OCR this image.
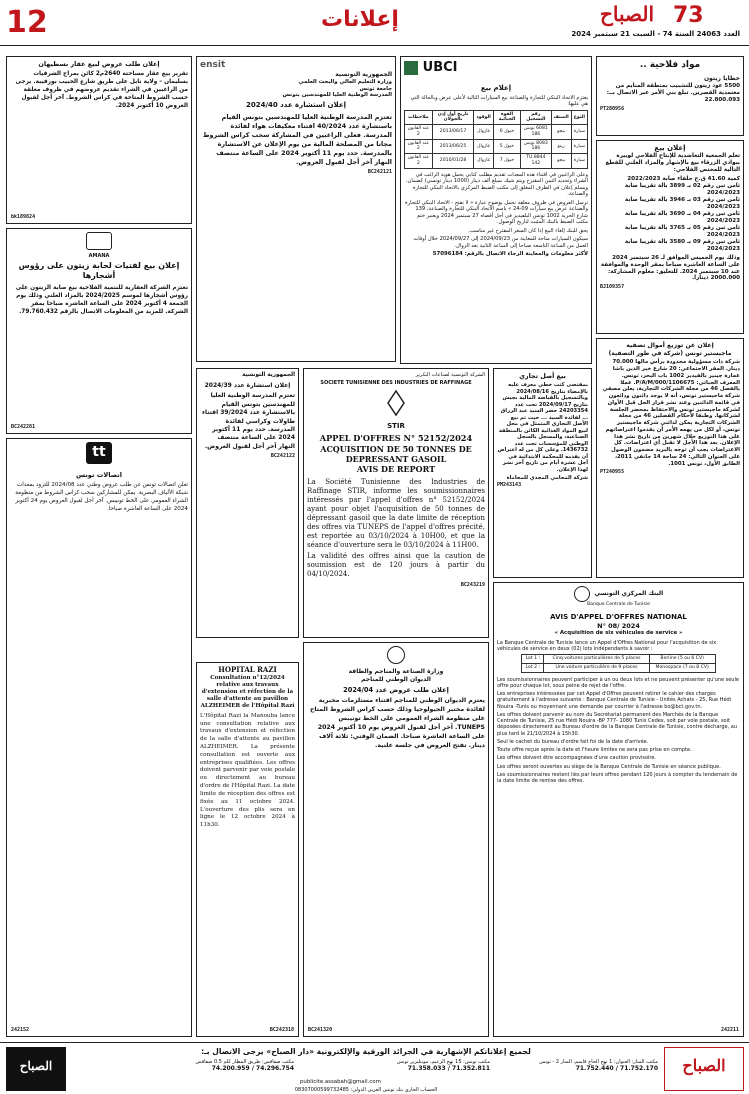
12	إعلانات	73
الصباح
العدد 24063 السنة 74 - السبت 21 سبتمبر 2024
مواد فلاحية ..
خطايا زيتون
5500 عود زيتون للتشبيب بمنطقة المنايم من معتمدية القصرين. تبلغ بني الأمر عبر الاتصال بــ: 22.800.093
PT280956
إعلان بيع
تعلم الجمعية التعاضدية للإنتاج الفلاحي لوبيرة ببوادي الزرقاء بيع بالإشهار والمزاد العلني للقطع التالية للمختص الفلاحي:
كمية 41.60 ق.ج حلفاء صابة 2022/2023
ثامن تبن رقم 02 بـ 3899 بالة تقريبا صابة 2024/2023
ثامن تبن رقم 03 بـ 3946 بالة تقريبا صابة 2024/2023
ثامن تبن رقم 04 بـ 3690 بالة تقريبا صابة 2024/2023
ثامن تبن رقم 05 بـ 3765 بالة تقريبا صابة 2024/2023
ثامن تبن رقم 09 بـ 3580 بالة تقريبا صابة 2024/2023
وذلك يوم الخميس الموافق لـ 26 سبتمبر 2024 على الساعة العاشرة صباحا بمقر الوحدة والموافقة عند 10 سبتمبر 2024. للتعليق: معلوم المشاركة: 2000.000 دينارا.
BJ109357
إعلان عن توزيع أموال تصفية
ماجيستير تونس (شركة في طور التصفية)
شركة ذات مسؤولية محدودة برأس مالها 70.000 دينار. المقر الاجتماعي: 20 شارع خير الدين باشا عمارة جينير بالفيدير 1002 باب البحر، تونس. المعرف الجبائي: 1106675/P/A/M/000. عملا بالفصل 46 من مجلة الشركات التجارية، يعلن مصفي شركة ماجيستير تونس، أنه لا يوجد دائنون ودائعون في قائمة الدائنين وعند نشر قرار الحل قبل الأوان لشركة ماجيستير تونس والاحتفاظ بمحضر الجلسة لشركاتها. وطبقا لأحكام الفصلين 46 من مجلة الشركات التجارية يمكن لدائني شركة ماجيستير تونس، أو لكل من يهمه الأمر أن يقدموا اعتراضاتهم على هذا التوزيع خلال شهرين من تاريخ نشر هذا الإعلان. بعد هذا الأجل لا تقبل أي اعتراضات. كل الاعتراضات يجب أن توجه بالبريد مضمون الوصول على العنوان التالي: 24 ساحة 14 جانفي 2011، الطابق الأول، تونس 1001.
PT240955
UBCI
إعلام بيع
يعتزم الاتحاد البنكي للتجارة والصناعة بيع السيارات التالية لأعلى عرض وبالحالة التي هي عليها:
النوع	الصنف	رقم التسجيل	القوة الجبائية	الوقود	تاريخ أول إذن بالجولان	ملاحظات
سيارة	بيجو	6081 تونس 186	خيول 6	غازوال	2013/06/17	عند القانون 2
سيارة	رينو	8083 تونس 186	خيول 5	غازوال	2013/06/25	عند القانون 2
سيارة	بيجو	8844 TU 142	خيول 7	غازوال	2010/01/28	عند القانون 2
وعلى الراغبين في اقتناء هذه المعدات تقديم مطلب كتابي يحمل هوية الراغب في الشراء وتحديد الثمن المقترح ويتم شيك بمبلغ ألف دينار (1000 دينار تونسي) كضمان، ويسلم إعلان في الظرف المغلق إلى مكتب الضبط المركزي بالاتحاد البنكي للتجارة والصناعة.
ترسل العروض في ظروف مغلقة تحمل بوضوح عبارة « لا تفتح - الاتحاد البنكي للتجارة والصناعة عرض بيع سيارات 09-24 » باسم الاتحاد البنكي للتجارة والصناعة، 139 شارع الحرية 1002 تونس البلفيدير في أجل أقصاه 27 سبتمبر 2024 ويعتبر ختم مكتب الضبط بالبنك المثبت لتاريخ الوصول.
يحق للبنك إلغاء البيع إذا كان السعر المقترح غير مناسب.
سيكون السيارات متاحة للمعاينة من 2024/09/23 إلى 2024/09/27 خلال أوقات العمل من الساعة التاسعة صباحا إلى الساعة الثانية بعد الزوال.
لأكثر معلومات والمعاينة الرجاء الاتصال بالرقم: 57096184
بيع أصل تجاري
بمقتضى كتب خطي معرف عليه بالإمضاء بتاريخ 2024/08/16 وبالتسجيل بالقباضة المالية بجيش بتاريخ 2024/09/17 تحت عدد 24203354 حضر السيد عبد الرزاق ... لفائدة السيد ... حيث تم بيع الأصل التجاري المتمثل في محل لبيع المواد الغذائية الكائن بالمنطقة الصناعية، والمسجل بالسجل الوطني للمؤسسات تحت عدد 1436732. وعلى كل من له اعتراض أن يقدمه للمحكمة الابتدائية في أجل عشرة أيام من تاريخ آخر نشر لهذا الإعلان.
شركة المحامي المجدي للمحاماة
PM243143
الشركة التونسية لصناعات التكرير
SOCIETE TUNISIENNE DES INDUSTRIES DE RAFFINAGE
STIR
APPEL D'OFFRES N° 52152/2024
ACQUISITION DE 50 TONNES DE DEPRESSANT GASOIL
AVIS DE REPORT
La Société Tunisienne des Industries de Raffinage STIR, informe les soumissionnaires intéressés par l'appel d'offres n° 52152/2024 ayant pour objet l'acquisition de 50 tonnes de dépressant gasoil que la date limite de réception des offres via TUNEPS de l'appel d'offres précité, est reportée au 03/10/2024 à 10H00, et que la séance d'ouverture sera le 03/10/2024 à 11H00.
La validité des offres ainsi que la caution de soumission est de 120 jours à partir du 04/10/2024.
BC243219
البنك المركزي التونسي
Banque Centrale de Tunisie
AVIS D'APPEL D'OFFRES NATIONAL
N° 08/ 2024
« Acquisition de six véhicules de service »
La Banque Centrale de Tunisie lance un Appel d'Offres National pour l'acquisition de six véhicules de service en deux (02) lots indépendants à savoir :
Lot 1 :	Cinq voitures particulières de 5 places	Berline (5 ou 6 CV)
Lot 2 :	Une voiture particulière de 9 places	Monospace (7 ou 8 CV)
Les soumissionnaires peuvent participer à un ou deux lots et ne peuvent présenter qu'une seule offre pour chaque lot, sous peine de rejet de l'offre.
Les entreprises intéressées par cet Appel d'Offres peuvent retirer le cahier des charges gratuitement à l'adresse suivante : Banque Centrale de Tunisie - Unités Achats - 25, Rue Hédi Nouira -Tunis ou moyennant une demande par courrier à l'adresse bo@bct.gov.tn.
Les offres doivent parvenir au nom du Secrétariat permanent des Marchés de la Banque Centrale de Tunisie, 25 rue Hédi Nouira -BP 777- 1080 Tunis Cedex, soit par voie postale, soit déposées directement au Bureau d'ordre de la Banque Centrale de Tunisie, contre décharge, au plus tard le 21/10/2024 à 15h30.
Seul le cachet du bureau d'ordre fait foi de la date d'arrivée.
Toute offre reçue après la date et l'heure limites ne sera pas prise en compte.
Les offres doivent être accompagnées d'une caution provisoire.
Les offres seront ouvertes au siège de la Banque Centrale de Tunisie en séance publique.
Les soumissionnaires restent liés par leurs offres pendant 120 jours à compter du lendemain de la date limite de remise des offres.
242211
ensit
الجمهورية التونسية
وزارة التعليم العالي والبحث العلمي
جامعة تونس
المدرسة الوطنية العليا للمهندسين بتونس
إعلان استشارة عدد 2024/40
تعتزم المدرسة الوطنية العليا للمهندسين بتونس القيام باستشارة عدد 40/2024 اقتناء معكيفات هواء لفائدة المدرسة. فعلى الراغبين في المشاركة سحب كراس الشروط مجانا من المصلحة المالية من يوم الإعلان عن الاستشارة بالمدرسة. حدد يوم 11 أكتوبر 2024 على الساعة منتصف النهار آخر أجل لقبول العروض.
BC242121
الجمهورية التونسية
إعلان استشارة عدد 2024/39
تعتزم المدرسة الوطنية العليا للمهندسين بتونس القيام بالاستشارة عدد 39/2024 اقتناء طاولات وكراسي لفائدة المدرسة. حدد يوم 11 أكتوبر 2024 على الساعة منتصف النهار آخر أجل لقبول العروض.
BC242122
وزارة الصناعة والمناجم والطاقة
الديوان الوطني للمناجم
إعلان طلب عروض عدد 2024/04
يعتزم الديوان الوطني للمناجم اقتناء مستلزمات مخبرية لفائدة مختبر الجيولوجيا وذلك حسب كراس الشروط المتاح على منظومة الشراء العمومي على الخط تونيبس TUNEPS. آخر أجل لقبول العروض يوم 10 أكتوبر 2024 على الساعة العاشرة صباحا. الضمان الوقتي: ثلاثة آلاف دينار. تفتح العروض في جلسة علنية.
BC241320
HOPITAL RAZI
Consultation n°12/2024 relative aux travaux d'extension et réfection de la salle d'attente au pavillon ALZHEIMER de l'Hôpital Razi
L'Hôpital Razi la Manouba lance une consultation relative aux travaux d'extension et réfection de la salle d'attente au pavillon ALZHEIMER. La présente consultation est ouverte aux entreprises qualifiées. Les offres doivent parvenir par voie postale ou directement au bureau d'ordre de l'Hôpital Razi. La date limite de réception des offres est fixée au 11 octobre 2024. L'ouverture des plis sera en ligne le 12 octobre 2024 à 11h30.
BC242318
إعلان طلب عروض لبيع عقار بسطيهان
تقرير بيع عقار مساحته 2640م2 كائن بمراج الشرقيات بسليمان – ولاية نابل على طريق شارع الحبيب بورقيبة. يرجى من الراغبين في الشراء تقديم عروضهم في ظروف مغلقة حسب الشروط المتاحة في كراس الشروط. آخر أجل لقبول العروض 10 أكتوبر 2024.
bk189824
AMANA
إعلان بيع لفتيات لحابة زيتون على رؤوس أشجارها
تعتزم الشركة العقارية للتنمية الفلاحية بيع صابة الزيتون على رؤوس أشجارها لموسم 2024/2025 بالمزاد العلني وذلك يوم الجمعة 4 أكتوبر 2024 على الساعة العاشرة صباحا بمقر الشركة. للمزيد من المعلومات الاتصال بالرقم 79.760.432.
BC242281
tt
اتصالات تونس
تعلن اتصالات تونس عن طلب عروض وطني عدد 2024/08 للتزود بمعدات شبكة الألياف البصرية. يمكن للمشاركين سحب كراس الشروط من منظومة الشراء العمومي على الخط تونيبس. آخر أجل لقبول العروض يوم 24 أكتوبر 2024 على الساعة العاشرة صباحا.
242152
الصباح
الصباح
لجميع إعلاناتكم الإشهارية في الجرائد الورقية والإلكترونية «دار الصباح» يرجى الاتصال بـ:
مكتب المنار: العنوان: 1 نهج الحاج قاسم، المنار 2 - تونس
71.752.170 / 71.752.440
مكتب تونس: 15 نهج الزعيم، مونبليزير تونس
71.352.811 / 71.358.033
مكتب صفاقس: طريق المطار كلم 0.5 صفاقس
74.296.754 / 74.200.959
publicite.assabah@gmail.com
الحساب الجاري بنك تونس العربي الدولي: 08307000599732485
